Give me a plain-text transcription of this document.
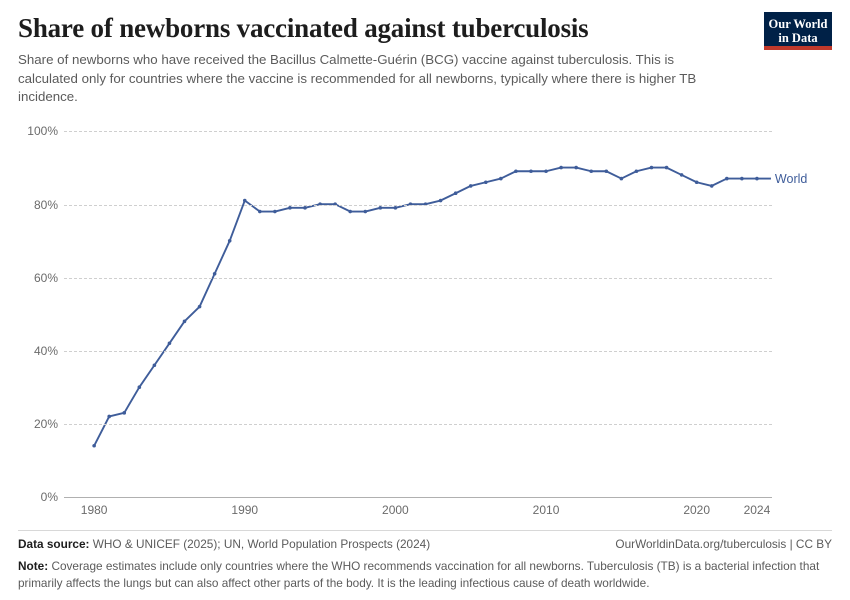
Share of newborns vaccinated against tuberculosis

Share of newborns who have received the Bacillus Calmette-Guérin (BCG) vaccine against tuberculosis. This is calculated only for countries where the vaccine is recommended for all newborns, typically where there is higher TB incidence.

Our World
in Data
0%
20%
40%
60%
80%
100%
1980	1990	2000	2010	2020	2024
World
Data source: WHO & UNICEF (2025); UN, World Population Prospects (2024)	OurWorldinData.org/tuberculosis | CC BY
Note: Coverage estimates include only countries where the WHO recommends vaccination for all newborns. Tuberculosis (TB) is a bacterial infection that primarily affects the lungs but can also affect other parts of the body. It is the leading infectious cause of death worldwide.
